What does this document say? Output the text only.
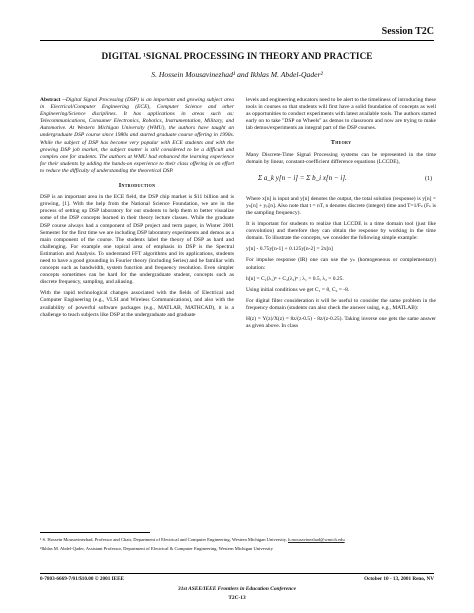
Session T2C
DIGITAL ¹SIGNAL PROCESSING IN THEORY AND PRACTICE
S. Hossein Mousavinezhad¹ and Ikhlas M. Abdel-Qader²

Abstract --Digital Signal Processing (DSP) is an important and growing subject area in Electrical/Computer Engineering (ECE), Computer Science and other Engineering/Science disciplines. It has applications in areas such as: Telecommunications, Consumer Electronics, Robotics, Instrumentation, Military, and Automotive. At Western Michigan University (WMU), the authors have taught an undergraduate DSP course since 1980s and started graduate course offering in 1990s. While the subject of DSP has become very popular with ECE students and with the growing DSP job market, the subject matter is still considered to be a difficult and complex one for students. The authors at WMU had enhanced the learning experience for their students by adding the hands-on experience to their class offering in an effort to reduce the difficulty of understanding the theoretical DSP.

Introduction

DSP is an important area in the ECE field, the DSP chip market is $11 billion and is growing, [1]. With the help from the National Science Foundation, we are in the process of setting up DSP laboratory for our students to help them to better visualize some of the DSP concepts learned in their theory lecture classes. While the graduate DSP course always had a component of DSP project and term paper, in Winter 2001 Semester for the first time we are including DSP laboratory experiments and demos as a main component of the course. The students label the theory of DSP as hard and challenging. For example one topical area of emphasis in DSP is the Spectral Estimation and Analysis. To understand FFT algorithms and its applications, students need to have a good grounding in Fourier theory (including Series) and be familiar with concepts such as bandwidth, system function and frequency resolution. Even simpler concepts sometimes can be hard for the undergraduate student, concepts such as discrete frequency, sampling, and aliasing.

With the rapid technological changes associated with the fields of Electrical and Computer Engineering (e.g., VLSI and Wireless Communications), and also with the availability of powerful software packages (e.g., MATLAB, MATHCAD), it is a challenge to teach subjects like DSP at the undergraduate and graduate

levels and engineering educators need to be alert to the timeliness of introducing these tools in courses so that students will first have a solid foundation of concepts as well as opportunities to conduct experiments with latest available tools. The authors started early on to take "DSP on Wheels" as demos to classroom and now are trying to make lab demos/experiments an integral part of the DSP courses.

Theory

Many Discrete-Time Signal Processing systems can be represented in the time domain by linear, constant-coefficient difference equations (LCCDE),

Σ a_k y[n − i] = Σ b_i x[n − i].	(1)

Where x[n] is input and y[n] denotes the output, the total solution (response) is y[n] = yₕ[n] + yₚ[n]. Also note that t = nT, n denotes discrete (integer) time and T=1/Fₛ (Fₛ is the sampling frequency).

It is important for students to realize that LCCDE is a time domain tool (just like convolution) and therefore they can obtain the response by working in the time domain. To illustrate the concepts, we consider the following simple example:

y[n] - 0.75y[n-1] + 0.125y[n-2] = 2x[n]

For impulse response (IR) one can use the yₕ (homogeneous or complementary) solution:

h[n] = C₁(λ₁)ⁿ + C₂(λ₂)ⁿ ; λ₁ = 0.5, λ₂ = 0.25.

Using initial conditions we get C₁ = 8, C₂ = -8.

For digital filter consideration it will be useful to consider the same problem in the frequency domain (students can also check the answer using, e.g., MATLAB):

H(z) = Y(z)/X(z) = 8z/(z-0.5) - 8z/(z-0.25). Taking inverse one gets the same answer as given above. In class

¹ S. Hossein Mousavinezhad, Professor and Chair, Department of Electrical and Computer Engineering, Western Michigan University, h.mousavinezhad@wmich.edu
²Ikhlas M. Abdel-Qader, Assistant Professor, Department of Electrical & Computer Engineering, Western Michigan University
0-7803-6669-7/01/$10.00 © 2001 IEEE	October 10 - 13, 2001 Reno, NV
31st ASEE/IEEE Frontiers in Education Conference
T2C-13
